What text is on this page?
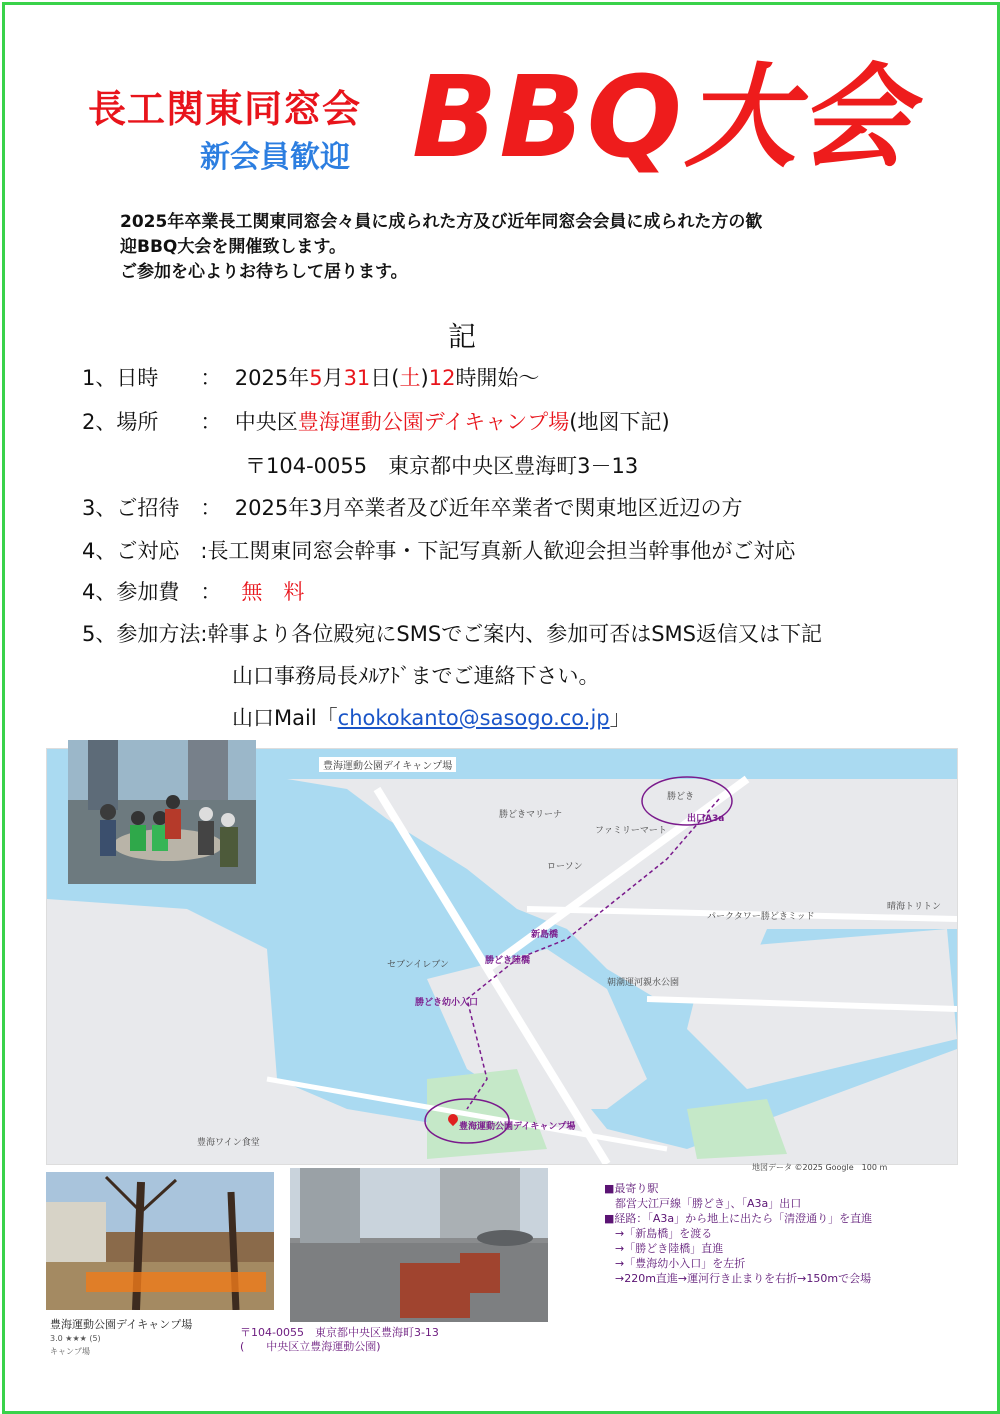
長工関東同窓会
新会員歓迎 BBQ大会
2025年卒業長工関東同窓会々員に成られた方及び近年同窓会会員に成られた方の歓
迎BBQ大会を開催致します。
ご参加を心よりお待ちして居ります。
記
1、日時　　： 2025年5月31日(土)12時開始～
2、場所　　： 中央区豊海運動公園デイキャンプ場(地図下記)
〒104-0055　東京都中央区豊海町3－13
3、ご招待　： 2025年3月卒業者及び近年卒業者で関東地区近辺の方
4、ご対応　:長工関東同窓会幹事・下記写真新人歓迎会担当幹事他がご対応
4、参加費　： 無　料
5、参加方法:幹事より各位殿宛にSMSでご案内、参加可否はSMS返信又は下記
山口事務局長ﾒﾙｱﾄﾞまでご連絡下さい。
山口Mail「chokokanto@sasogo.co.jp」
豊海運動公園デイキャンプ場
勝どき
出口A3a
新島橋
勝どき陸橋
勝どき幼小入口
豊海運動公園デイキャンプ場
勝どきマリーナ
ファミリーマート
ローソン
セブンイレブン
パークタワー勝どきミッド
朝潮運河親水公園
豊海ワイン食堂
晴海トリトン
地図データ ©2025 Google　100 m
豊海運動公園デイキャンプ場
3.0 ★★★ (5)
キャンプ場
〒104-0055　東京都中央区豊海町3-13
(　　中央区立豊海運動公園)
■最寄り駅
　都営大江戸線「勝どき」、「A3a」出口
■経路：「A3a」から地上に出たら「清澄通り」を直進
　→「新島橋」を渡る
　→「勝どき陸橋」直進
　→「豊海幼小入口」を左折
　→220m直進→運河行き止まりを右折→150mで会場
